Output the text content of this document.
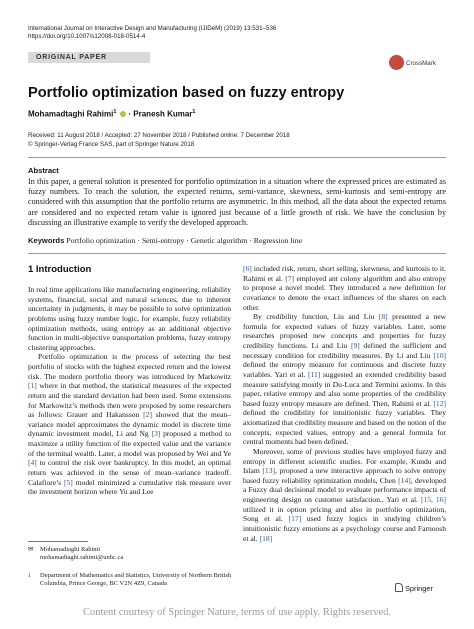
International Journal on Interactive Design and Manufacturing (IJIDeM) (2019) 13:531–536
https://doi.org/10.1007/s12008-018-0514-4
ORIGINAL PAPER
CrossMark
Portfolio optimization based on fuzzy entropy
Mohamadtaghi Rahimi$^1$ · Pranesh Kumar$^1$
Received: 11 August 2018 / Accepted: 27 November 2018 / Published online: 7 December 2018
© Springer-Verlag France SAS, part of Springer Nature 2018
Abstract
In this paper, a general solution is presented for portfolio optimization in a situation where the expressed prices are estimated as fuzzy numbers. To reach the solution, the expected returns, semi-variance, skewness, semi-kurtosis and semi-entropy are considered with this assumption that the portfolio returns are asymmetric. In this method, all the data about the expected returns are considered and no expected return value is ignored just because of a little growth of risk. We have the conclusion by discussing an illustrative example to verify the developed approach.
Keywords Portfolio optimization · Semi-entropy · Genetic algorithm · Regression line
1 Introduction

In real time applications like manufacturing engineering, reliability systems, financial, social and natural sciences, due to inherent uncertainty in judgments, it may be possible to solve optimization problems using fuzzy number logic, for example, fuzzy reliability optimization methods, using entropy as an additional objective function in multi-objective transportation problems, fuzzy entropy clustering approaches.

Portfolio optimization is the process of selecting the best portfolio of stocks with the highest expected return and the lowest risk. The modern portfolio theory was introduced by Markowitz [1] where in that method, the statistical measures of the expected return and the standard deviation had been used. Some extensions for Markowitz’s methods then were proposed by some researchers as follows: Grauer and Hakansson [2] showed that the mean–variance model approximates the dynamic model in discrete time dynamic investment model, Li and Ng [3] proposed a method to maximize a utility function of the expected value and the variance of the terminal wealth. Later, a model was proposed by Wei and Ye [4] to control the risk over bankruptcy. In this model, an optimal return was achieved in the sense of mean–variance tradeoff. Calafiore’s [5] model minimized a cumulative risk measure over the investment horizon where Yu and Lee

[6] included risk, return, short selling, skewness, and kurtosis to it. Rahimi et al. [7] employed ant colony algorithm and also entropy to propose a novel model. They introduced a new definition for covariance to denote the exact influences of the shares on each other.

By credibility function, Liu and Liu [8] presented a new formula for expected values of fuzzy variables. Later, some researches proposed new concepts and properties for fuzzy credibility functions. Li and Liu [9] defined the sufficient and necessary condition for credibility measures. By Li and Liu [10] defined the entropy measure for continuous and discrete fuzzy variables. Yari et al. [11] suggested an extended credibility based measure satisfying mostly in Du-Luca and Termini axioms. In this paper, relative entropy and also some properties of the credibility based fuzzy entropy measure are defined. Then, Rahimi et al. [12] defined the credibility for intuitionistic fuzzy variables. They axiomatized that credibility measure and based on the notion of the concepts, expected values, entropy and a general formula for central moments had been defined.

Moreover, some of previous studies have employed fuzzy and entropy in different scientific studies. For example, Kundu and Islam [13], proposed a new interactive approach to solve entropy based fuzzy reliability optimization models, Chen [14], developed a Fuzzy dual decisional model to evaluate performance impacts of engineering design on customer satisfaction., Yari et al. [15, 16] utilized it in option pricing and also in portfolio optimization, Song et al. [17] used fuzzy logics in studying children’s intuitionistic fuzzy emotions as a psychology course and Farnoosh et al. [18]

✉ Mohamadtaghi Rahimi
mohamadtaghi.rahimi@unbc.ca
1	Department of Mathematics and Statistics, University of Northern British Columbia, Prince George, BC V2N 4Z9, Canada
Springer
Content courtesy of Springer Nature, terms of use apply. Rights reserved.
